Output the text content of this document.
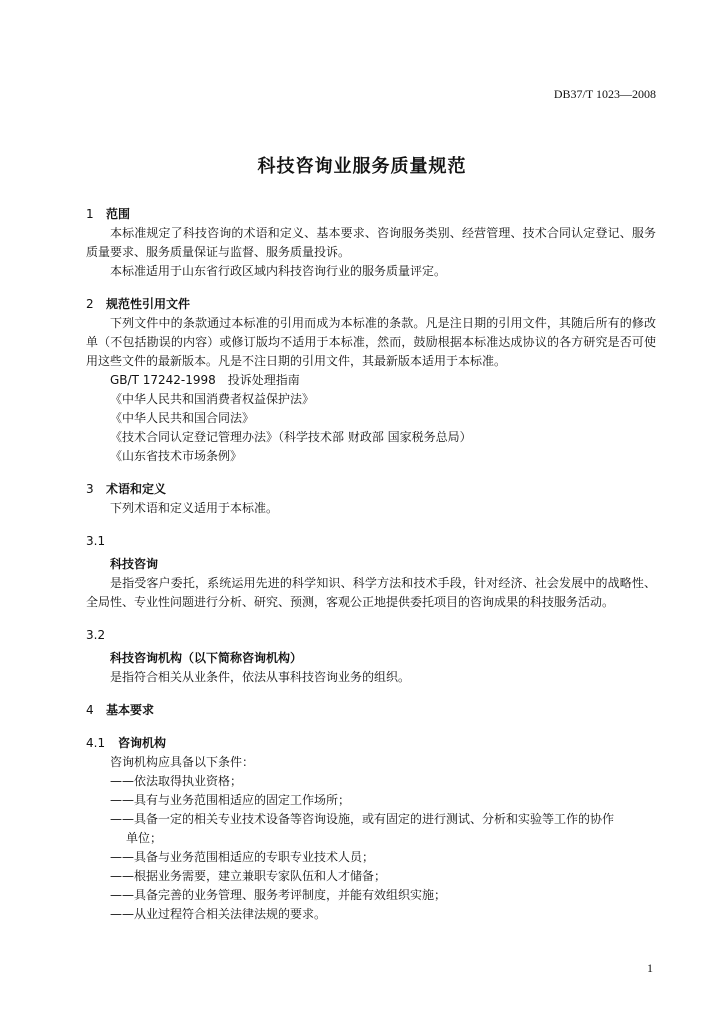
DB37/T 1023—2008
科技咨询业服务质量规范
1 范围
本标准规定了科技咨询的术语和定义、基本要求、咨询服务类别、经营管理、技术合同认定登记、服务质量要求、服务质量保证与监督、服务质量投诉。
本标准适用于山东省行政区域内科技咨询行业的服务质量评定。
2 规范性引用文件
下列文件中的条款通过本标准的引用而成为本标准的条款。凡是注日期的引用文件，其随后所有的修改单（不包括勘误的内容）或修订版均不适用于本标准，然而，鼓励根据本标准达成协议的各方研究是否可使用这些文件的最新版本。凡是不注日期的引用文件，其最新版本适用于本标准。
GB/T 17242-1998　投诉处理指南
《中华人民共和国消费者权益保护法》
《中华人民共和国合同法》
《技术合同认定登记管理办法》（科学技术部 财政部 国家税务总局）
《山东省技术市场条例》
3 术语和定义
下列术语和定义适用于本标准。
3.1
科技咨询
是指受客户委托，系统运用先进的科学知识、科学方法和技术手段，针对经济、社会发展中的战略性、全局性、专业性问题进行分析、研究、预测，客观公正地提供委托项目的咨询成果的科技服务活动。
3.2
科技咨询机构（以下简称咨询机构）
是指符合相关从业条件，依法从事科技咨询业务的组织。
4 基本要求
4.1 咨询机构
咨询机构应具备以下条件：
——依法取得执业资格；
——具有与业务范围相适应的固定工作场所；
——具备一定的相关专业技术设备等咨询设施，或有固定的进行测试、分析和实验等工作的协作
单位；
——具备与业务范围相适应的专职专业技术人员；
——根据业务需要，建立兼职专家队伍和人才储备；
——具备完善的业务管理、服务考评制度，并能有效组织实施；
——从业过程符合相关法律法规的要求。
1
